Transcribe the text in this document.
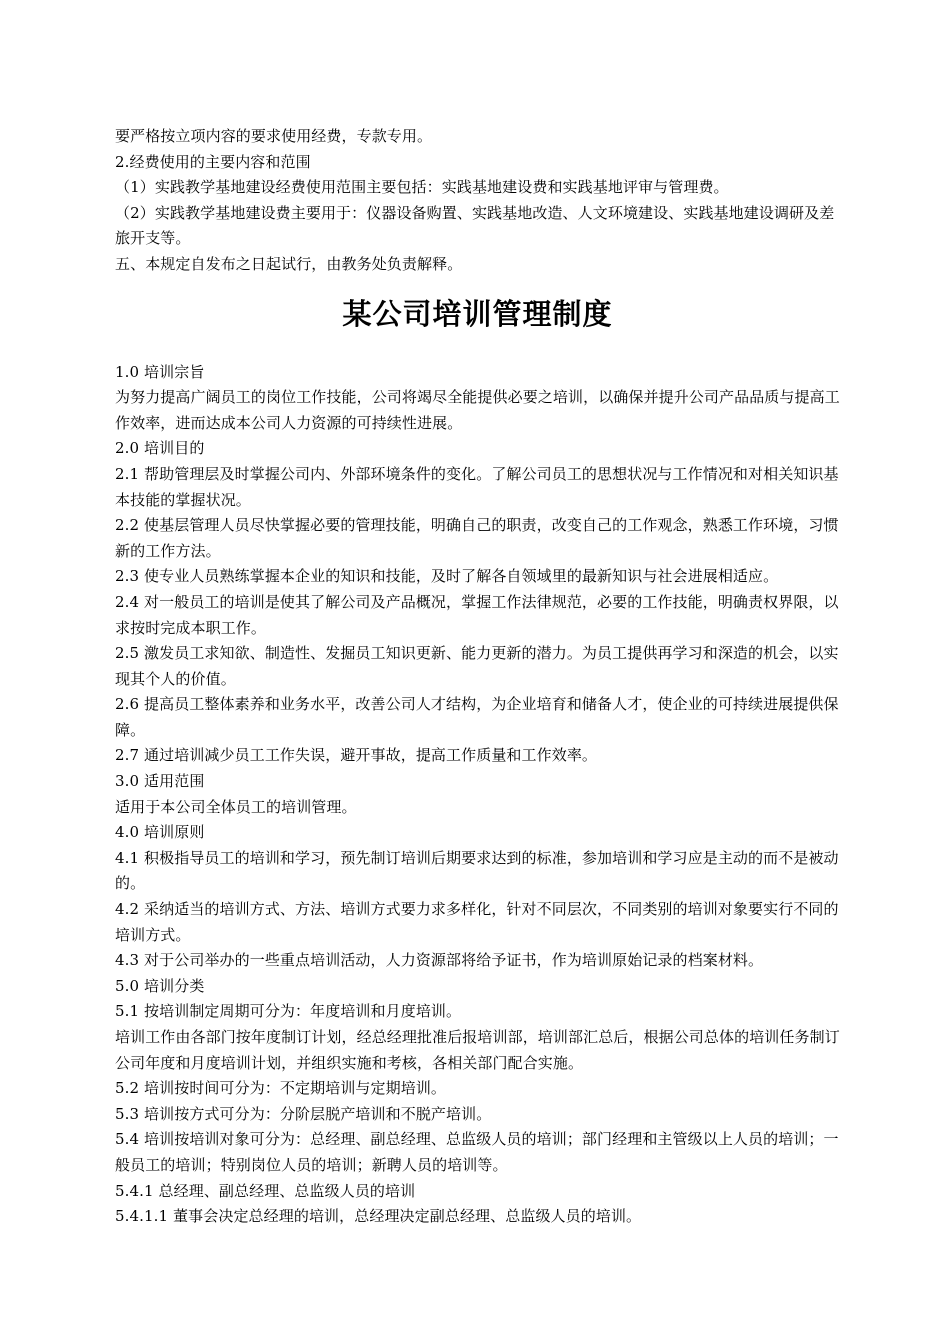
要严格按立项内容的要求使用经费，专款专用。

2.经费使用的主要内容和范围

（1）实践教学基地建设经费使用范围主要包括：实践基地建设费和实践基地评审与管理费。

（2）实践教学基地建设费主要用于：仪器设备购置、实践基地改造、人文环境建设、实践基地建设调研及差旅开支等。

五、本规定自发布之日起试行，由教务处负责解释。

某公司培训管理制度

1.0 培训宗旨

为努力提高广阔员工的岗位工作技能，公司将竭尽全能提供必要之培训，以确保并提升公司产品品质与提高工作效率，进而达成本公司人力资源的可持续性进展。

2.0 培训目的

2.1 帮助管理层及时掌握公司内、外部环境条件的变化。了解公司员工的思想状况与工作情况和对相关知识基本技能的掌握状况。

2.2 使基层管理人员尽快掌握必要的管理技能，明确自己的职责，改变自己的工作观念，熟悉工作环境，习惯新的工作方法。

2.3 使专业人员熟练掌握本企业的知识和技能，及时了解各自领域里的最新知识与社会进展相适应。

2.4 对一般员工的培训是使其了解公司及产品概况，掌握工作法律规范，必要的工作技能，明确责权界限，以求按时完成本职工作。

2.5 激发员工求知欲、制造性、发掘员工知识更新、能力更新的潜力。为员工提供再学习和深造的机会，以实现其个人的价值。

2.6 提高员工整体素养和业务水平，改善公司人才结构，为企业培育和储备人才，使企业的可持续进展提供保障。

2.7 通过培训减少员工工作失误，避开事故，提高工作质量和工作效率。

3.0 适用范围

适用于本公司全体员工的培训管理。

4.0 培训原则

4.1 积极指导员工的培训和学习，预先制订培训后期要求达到的标准，参加培训和学习应是主动的而不是被动的。

4.2 采纳适当的培训方式、方法、培训方式要力求多样化，针对不同层次，不同类别的培训对象要实行不同的培训方式。

4.3 对于公司举办的一些重点培训活动，人力资源部将给予证书，作为培训原始记录的档案材料。

5.0 培训分类

5.1 按培训制定周期可分为：年度培训和月度培训。

培训工作由各部门按年度制订计划，经总经理批准后报培训部，培训部汇总后，根据公司总体的培训任务制订公司年度和月度培训计划，并组织实施和考核，各相关部门配合实施。

5.2 培训按时间可分为：不定期培训与定期培训。

5.3 培训按方式可分为：分阶层脱产培训和不脱产培训。

5.4 培训按培训对象可分为：总经理、副总经理、总监级人员的培训；部门经理和主管级以上人员的培训；一般员工的培训；特别岗位人员的培训；新聘人员的培训等。

5.4.1 总经理、副总经理、总监级人员的培训

5.4.1.1 董事会决定总经理的培训，总经理决定副总经理、总监级人员的培训。
